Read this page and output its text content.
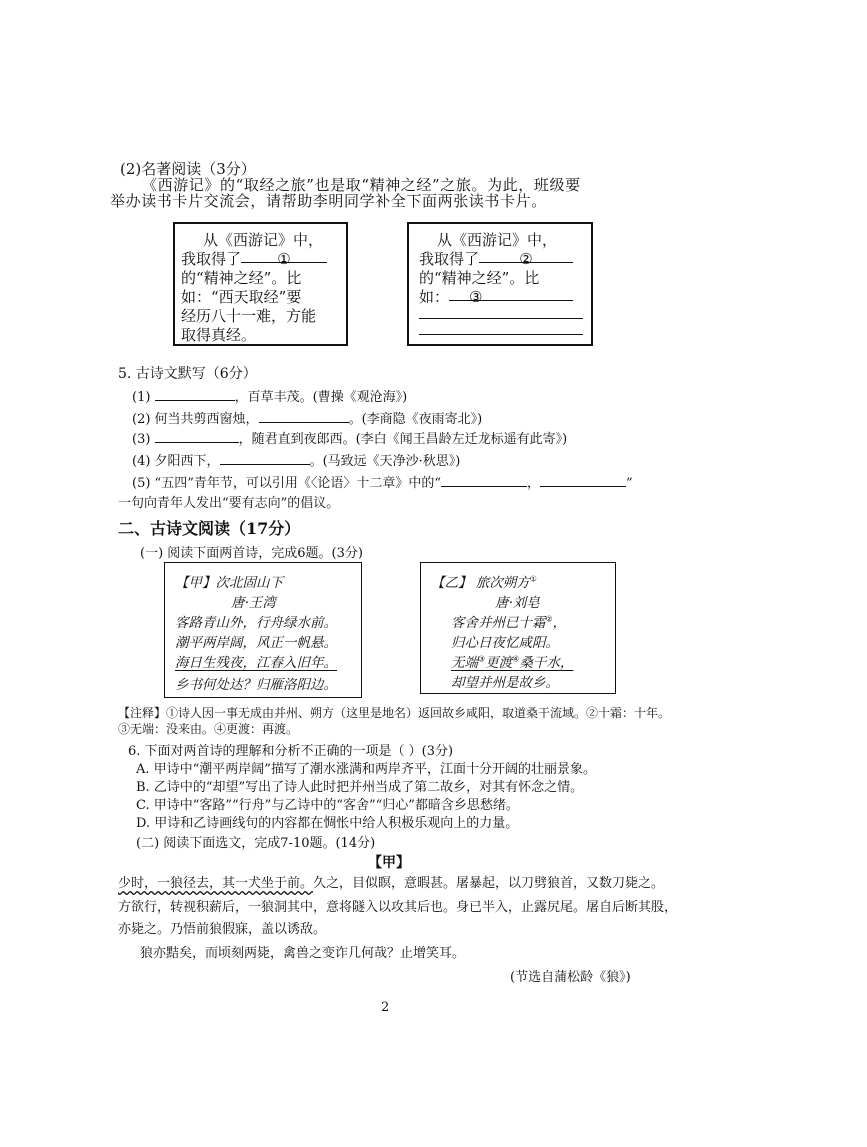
(2)名著阅读（3分）
《西游记》的“取经之旅”也是取“精神之经”之旅。为此，班级要
举办读书卡片交流会，请帮助李明同学补全下面两张读书卡片。
从《西游记》中，
我取得了 ①
的“精神之经”。比
如：“西天取经”要
经历八十一难，方能
取得真经。
从《西游记》中，
我取得了	②
的“精神之经”。比
如： ③
5. 古诗文默写（6分）
(1)	，百草丰茂。(曹操《观沧海》)
(2) 何当共剪西窗烛，	。(李商隐《夜雨寄北》)
(3)	，随君直到夜郎西。(李白《闻王昌龄左迁龙标遥有此寄》)
(4) 夕阳西下，	。(马致远《天净沙·秋思》)
(5) “五四”青年节，可以引用《〈论语〉十二章》中的“	，	”
一句向青年人发出“要有志向”的倡议。
二、古诗文阅读（17分）
(一) 阅读下面两首诗，完成6题。(3分)
【甲】次北固山下
唐·王湾
客路青山外，行舟绿水前。
潮平两岸阔，风正一帆悬。
海日生残夜，江春入旧年。
乡书何处达？归雁洛阳边。
【乙】 旅次朔方①
唐·刘皂
客舍并州已十霜②，
归心日夜忆咸阳。
无端③更渡④桑干水，
却望并州是故乡。
【注释】①诗人因一事无成由并州、朔方（这里是地名）返回故乡咸阳，取道桑干流域。②十霜：十年。
③无端：没来由。④更渡：再渡。
6. 下面对两首诗的理解和分析不正确的一项是（ ）(3分)
A. 甲诗中“潮平两岸阔”描写了潮水涨满和两岸齐平，江面十分开阔的壮丽景象。
B. 乙诗中的“却望”写出了诗人此时把并州当成了第二故乡，对其有怀念之情。
C. 甲诗中“客路”“行舟”与乙诗中的“客舍”“归心”都暗含乡思愁绪。
D. 甲诗和乙诗画线句的内容都在惆怅中给人积极乐观向上的力量。
(二) 阅读下面选文，完成7-10题。(14分)
【甲】
少时，一狼径去，其一犬坐于前。久之，目似瞑，意暇甚。屠暴起，以刀劈狼首，又数刀毙之。
方欲行，转视积薪后，一狼洞其中，意将隧入以攻其后也。身已半入，止露尻尾。屠自后断其股，
亦毙之。乃悟前狼假寐，盖以诱敌。
狼亦黠矣，而顷刻两毙，禽兽之变诈几何哉？止增笑耳。
(节选自蒲松龄《狼》)
2
